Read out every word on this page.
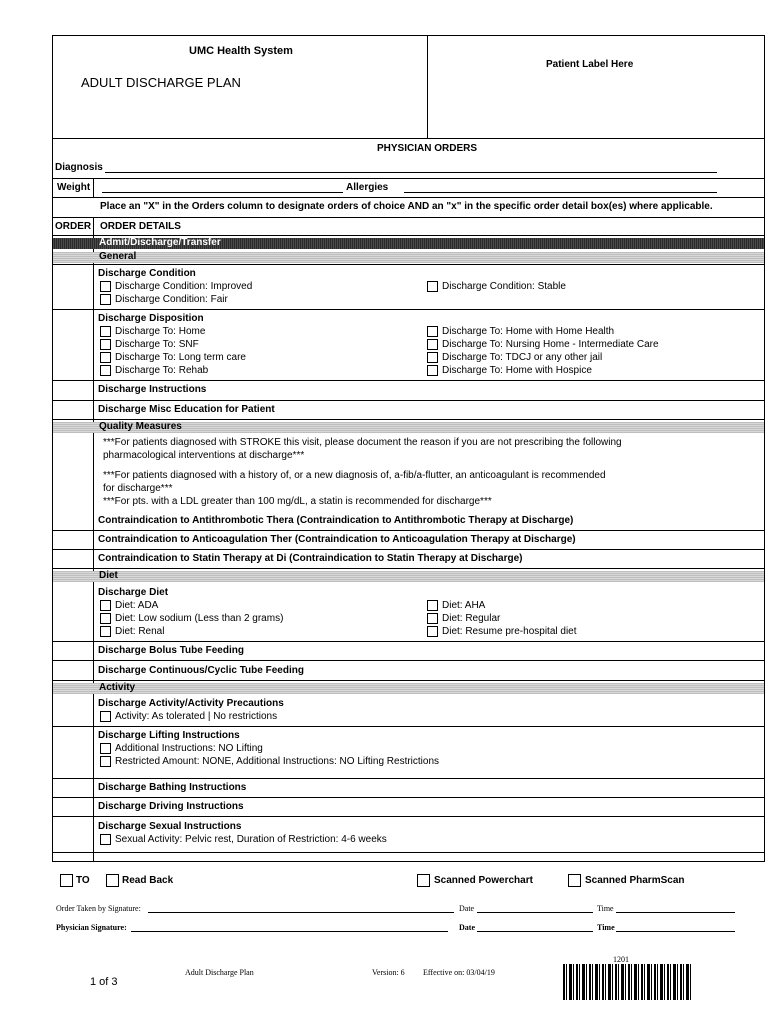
UMC Health System
ADULT DISCHARGE PLAN
Patient Label Here
PHYSICIAN ORDERS
Diagnosis
Weight	Allergies
Place an "X" in the Orders column to designate orders of choice AND an "x" in the specific order detail box(es) where applicable.
ORDER ORDER DETAILS
Admit/Discharge/Transfer
General
Discharge Condition
Discharge Condition: Improved
Discharge Condition: Fair
Discharge Condition: Stable
Discharge Disposition
Discharge To: Home
Discharge To: SNF
Discharge To: Long term care
Discharge To: Rehab
Discharge To: Home with Home Health
Discharge To: Nursing Home - Intermediate Care
Discharge To: TDCJ or any other jail
Discharge To: Home with Hospice
Discharge Instructions
Discharge Misc Education for Patient
Quality Measures
***For patients diagnosed with STROKE this visit, please document the reason if you are not prescribing the following
pharmacological interventions at discharge***
***For patients diagnosed with a history of, or a new diagnosis of, a-fib/a-flutter, an anticoagulant is recommended
for discharge***
***For pts. with a LDL greater than 100 mg/dL, a statin is recommended for discharge***
Contraindication to Antithrombotic Thera (Contraindication to Antithrombotic Therapy at Discharge)
Contraindication to Anticoagulation Ther (Contraindication to Anticoagulation Therapy at Discharge)
Contraindication to Statin Therapy at Di (Contraindication to Statin Therapy at Discharge)
Diet
Discharge Diet
Diet: ADA
Diet: Low sodium (Less than 2 grams)
Diet: Renal
Diet: AHA
Diet: Regular
Diet: Resume pre-hospital diet
Discharge Bolus Tube Feeding
Discharge Continuous/Cyclic Tube Feeding
Activity
Discharge Activity/Activity Precautions
Activity: As tolerated | No restrictions
Discharge Lifting Instructions
Additional Instructions: NO Lifting
Restricted Amount: NONE, Additional Instructions: NO Lifting Restrictions
Discharge Bathing Instructions
Discharge Driving Instructions
Discharge Sexual Instructions
Sexual Activity: Pelvic rest, Duration of Restriction: 4-6 weeks
TO	Read Back	Scanned Powerchart	Scanned PharmScan
Order Taken by Signature:	Date	Time
Physician Signature:	Date	Time
Adult Discharge Plan	Version: 6 Effective on: 03/04/19
1 of 3
1201
